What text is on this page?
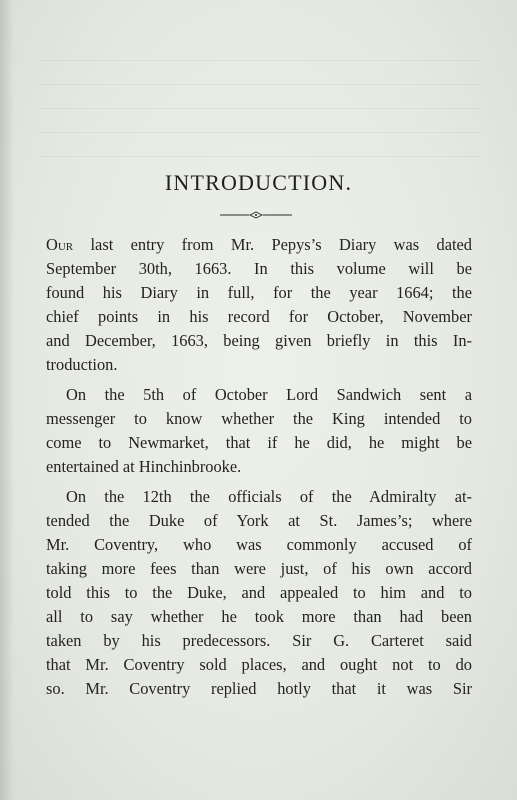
INTRODUCTION.
Our last entry from Mr. Pepys’s Diary was dated
September 30th, 1663. In this volume will be
found his Diary in full, for the year 1664; the
chief points in his record for October, November
and December, 1663, being given briefly in this In-
troduction.
On the 5th of October Lord Sandwich sent a
messenger to know whether the King intended to
come to Newmarket, that if he did, he might be
entertained at Hinchinbrooke.
On the 12th the officials of the Admiralty at-
tended the Duke of York at St. James’s; where
Mr. Coventry, who was commonly accused of
taking more fees than were just, of his own accord
told this to the Duke, and appealed to him and to
all to say whether he took more than had been
taken by his predecessors. Sir G. Carteret said
that Mr. Coventry sold places, and ought not to do
so. Mr. Coventry replied hotly that it was Sir
